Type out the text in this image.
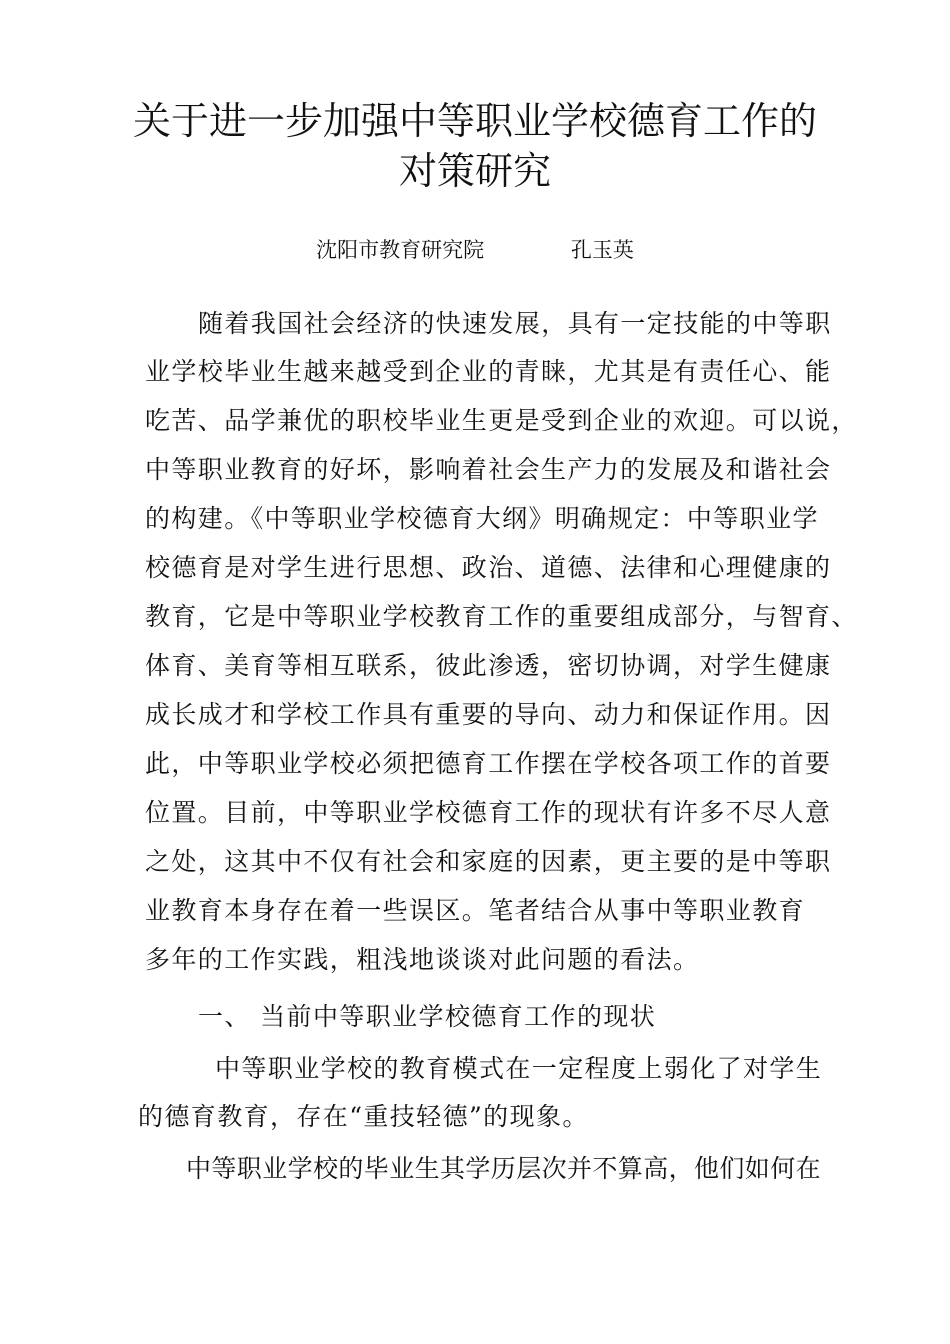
关于进一步加强中等职业学校德育工作的
对策研究
沈阳市教育研究院	孔玉英
随着我国社会经济的快速发展，具有一定技能的中等职
业学校毕业生越来越受到企业的青睐，尤其是有责任心、能
吃苦、品学兼优的职校毕业生更是受到企业的欢迎。可以说，
中等职业教育的好坏，影响着社会生产力的发展及和谐社会
的构建。《中等职业学校德育大纲》明确规定：中等职业学
校德育是对学生进行思想、政治、道德、法律和心理健康的
教育，它是中等职业学校教育工作的重要组成部分，与智育、
体育、美育等相互联系，彼此渗透，密切协调，对学生健康
成长成才和学校工作具有重要的导向、动力和保证作用。因
此，中等职业学校必须把德育工作摆在学校各项工作的首要
位置。目前，中等职业学校德育工作的现状有许多不尽人意
之处，这其中不仅有社会和家庭的因素，更主要的是中等职
业教育本身存在着一些误区。笔者结合从事中等职业教育
多年的工作实践，粗浅地谈谈对此问题的看法。
一、 当前中等职业学校德育工作的现状
中等职业学校的教育模式在一定程度上弱化了对学生
的德育教育，存在“重技轻德”的现象。
中等职业学校的毕业生其学历层次并不算高，他们如何在
